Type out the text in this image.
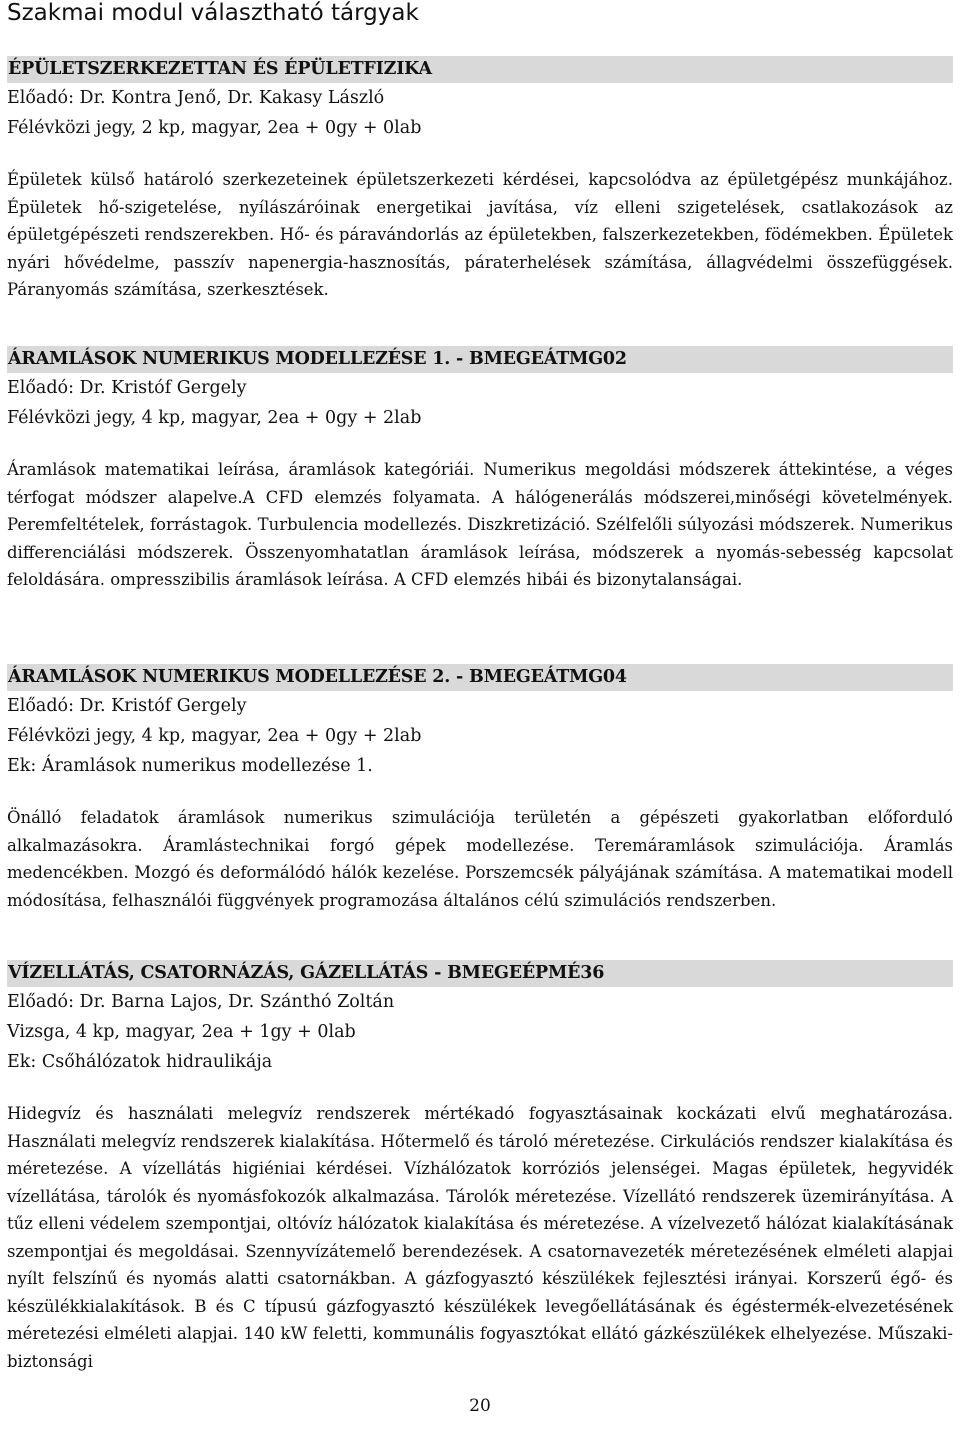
Szakmai modul választható tárgyak
ÉPÜLETSZERKEZETTAN ÉS ÉPÜLETFIZIKA
Előadó: Dr. Kontra Jenő, Dr. Kakasy László
Félévközi jegy, 2 kp, magyar, 2ea + 0gy + 0lab

Épületek külső határoló szerkezeteinek épületszerkezeti kérdései, kapcsolódva az épületgépész munkájához. Épületek hő-szigetelése, nyílászáróinak energetikai javítása, víz elleni szigetelések, csatlakozások az épületgépészeti rendszerekben. Hő- és páravándorlás az épületekben, falszerkezetekben, födémekben. Épületek nyári hővédelme, passzív napenergia-hasznosítás, páraterhelések számítása, állagvédelmi összefüggések. Páranyomás számítása, szerkesztések.

ÁRAMLÁSOK NUMERIKUS MODELLEZÉSE 1. - BMEGEÁTMG02
Előadó: Dr. Kristóf Gergely
Félévközi jegy, 4 kp, magyar, 2ea + 0gy + 2lab

Áramlások matematikai leírása, áramlások kategóriái. Numerikus megoldási módszerek áttekintése, a véges térfogat módszer alapelve.A CFD elemzés folyamata. A hálógenerálás módszerei,minőségi követelmények. Peremfeltételek, forrástagok. Turbulencia modellezés. Diszkretizáció. Szélfelőli súlyozási módszerek. Numerikus differenciálási módszerek. Összenyomhatatlan áramlások leírása, módszerek a nyomás-sebesség kapcsolat feloldására. ompresszibilis áramlások leírása. A CFD elemzés hibái és bizonytalanságai.

ÁRAMLÁSOK NUMERIKUS MODELLEZÉSE 2. - BMEGEÁTMG04
Előadó: Dr. Kristóf Gergely
Félévközi jegy, 4 kp, magyar, 2ea + 0gy + 2lab
Ek: Áramlások numerikus modellezése 1.

Önálló feladatok áramlások numerikus szimulációja területén a gépészeti gyakorlatban előforduló alkalmazásokra. Áramlástechnikai forgó gépek modellezése. Teremáramlások szimulációja. Áramlás medencékben. Mozgó és deformálódó hálók kezelése. Porszemcsék pályájának számítása. A matematikai modell módosítása, felhasználói függvények programozása általános célú szimulációs rendszerben.

VÍZELLÁTÁS, CSATORNÁZÁS, GÁZELLÁTÁS - BMEGEÉPMÉ36
Előadó: Dr. Barna Lajos, Dr. Szánthó Zoltán
Vizsga, 4 kp, magyar, 2ea + 1gy + 0lab
Ek: Csőhálózatok hidraulikája

Hidegvíz és használati melegvíz rendszerek mértékadó fogyasztásainak kockázati elvű meghatározása. Használati melegvíz rendszerek kialakítása. Hőtermelő és tároló méretezése. Cirkulációs rendszer kialakítása és méretezése. A vízellátás higiéniai kérdései. Vízhálózatok korróziós jelenségei. Magas épületek, hegyvidék vízellátása, tárolók és nyomásfokozók alkalmazása. Tárolók méretezése. Vízellátó rendszerek üzemirányítása. A tűz elleni védelem szempontjai, oltóvíz hálózatok kialakítása és méretezése. A vízelvezető hálózat kialakításának szempontjai és megoldásai. Szennyvízátemelő berendezések. A csatornavezeték méretezésének elméleti alapjai nyílt felszínű és nyomás alatti csatornákban. A gázfogyasztó készülékek fejlesztési irányai. Korszerű égő- és készülékkialakítások. B és C típusú gázfogyasztó készülékek levegőellátásának és égéstermék-elvezetésének méretezési elméleti alapjai. 140 kW feletti, kommunális fogyasztókat ellátó gázkészülékek elhelyezése. Műszaki-biztonsági

20
